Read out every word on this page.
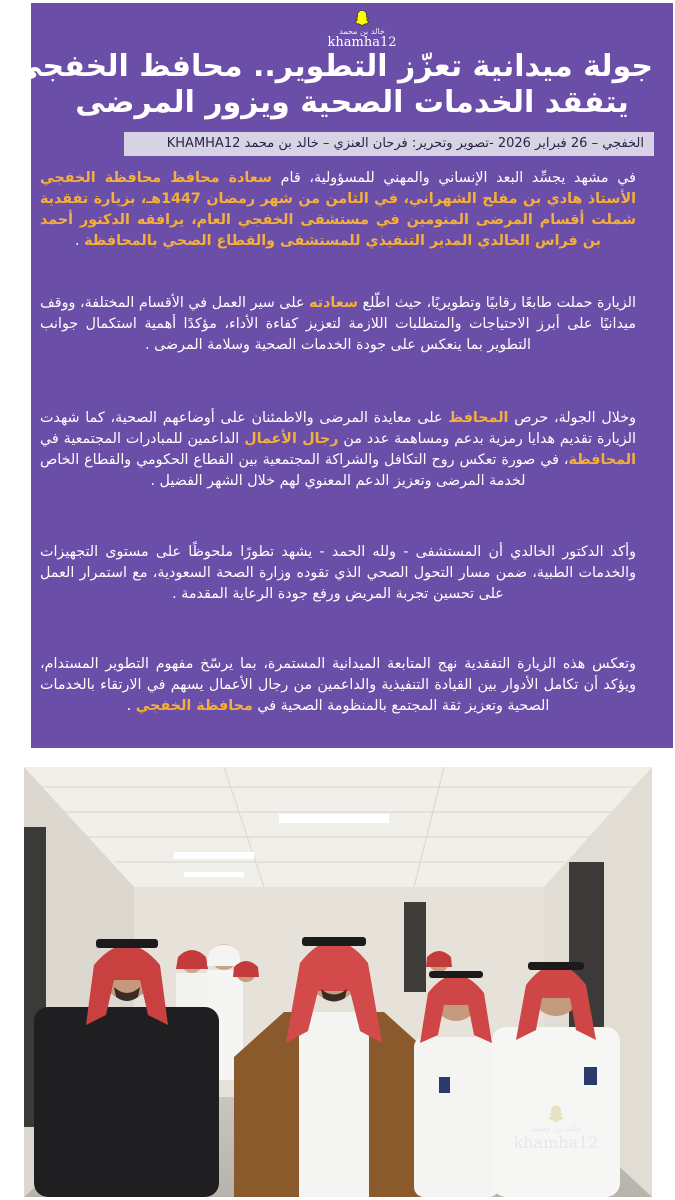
خالد بن محمد
khamha12
جولة ميدانية تعزّز التطوير.. محافظ الخفجي
يتفقد الخدمات الصحية ويزور المرضى
الخفجي – 26 فبراير 2026 -تصوير وتحرير: فرحان العنزي – خالد بن محمد KHAMHA12
في مشهد يجسِّد البعد الإنساني والمهني للمسؤولية، قام سعادة محافظ محافظة الخفجي الأستاذ هادي بن مفلح الشهراني، في الثامن من شهر رمضان 1447هـ، بزيارة تفقدية شملت أقسام المرضى المنومين في مستشفى الخفجي العام، يرافقه الدكتور أحمد بن فراس الخالدي المدير التنفيذي للمستشفى والقطاع الصحي بالمحافظة .
الزيارة حملت طابعًا رقابيًا وتطويريًا، حيث اطّلع سعادته على سير العمل في الأقسام المختلفة، ووقف ميدانيًا على أبرز الاحتياجات والمتطلبات اللازمة لتعزيز كفاءة الأداء، مؤكدًا أهمية استكمال جوانب التطوير بما ينعكس على جودة الخدمات الصحية وسلامة المرضى .
وخلال الجولة، حرص المحافظ على معايدة المرضى والاطمئنان على أوضاعهم الصحية، كما شهدت الزيارة تقديم هدايا رمزية بدعم ومساهمة عدد من رجال الأعمال الداعمين للمبادرات المجتمعية في المحافظة، في صورة تعكس روح التكافل والشراكة المجتمعية بين القطاع الحكومي والقطاع الخاص لخدمة المرضى وتعزيز الدعم المعنوي لهم خلال الشهر الفضيل .
وأكد الدكتور الخالدي أن المستشفى - ولله الحمد - يشهد تطورًا ملحوظًا على مستوى التجهيزات والخدمات الطبية، ضمن مسار التحول الصحي الذي تقوده وزارة الصحة السعودية، مع استمرار العمل على تحسين تجربة المريض ورفع جودة الرعاية المقدمة .
وتعكس هذه الزيارة التفقدية نهج المتابعة الميدانية المستمرة، بما يرسّخ مفهوم التطوير المستدام، ويؤكد أن تكامل الأدوار بين القيادة التنفيذية والداعمين من رجال الأعمال يسهم في الارتقاء بالخدمات الصحية وتعزيز ثقة المجتمع بالمنظومة الصحية في محافظة الخفجي .
خالد بن محمد
khamha12
